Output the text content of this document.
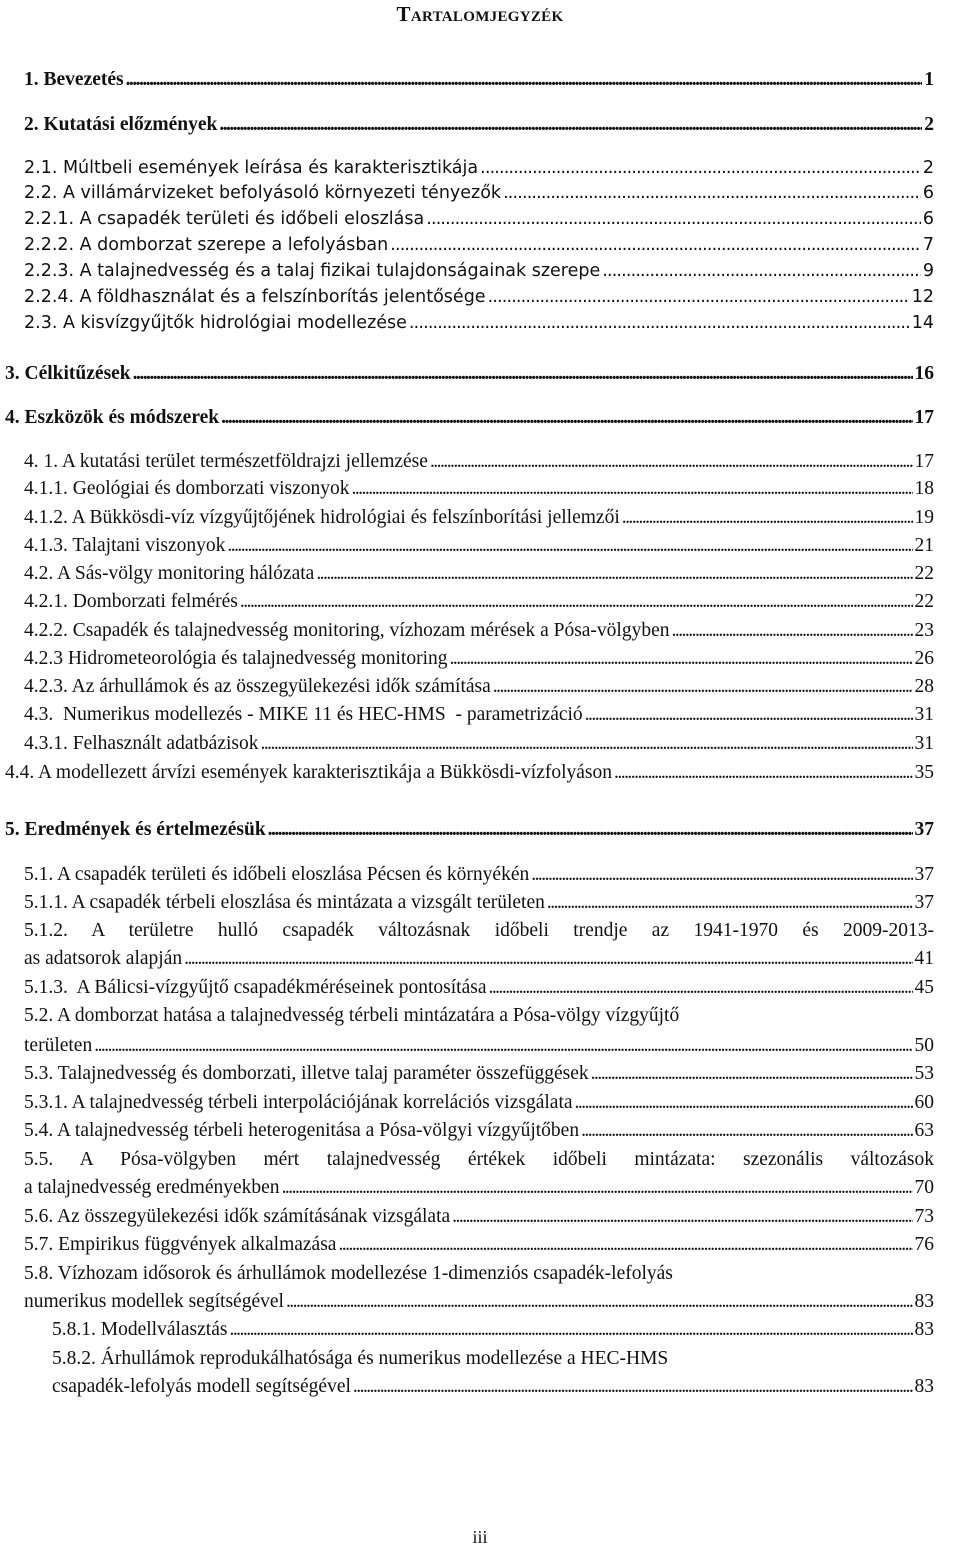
Tartalomjegyzék
1. Bevezetés . . .	1
2. Kutatási előzmények . . .	2
2.1. Múltbeli események leírása és karakterisztikája . . .	2
2.2. A villámárvizeket befolyásoló környezeti tényezők . . .	6
2.2.1. A csapadék területi és időbeli eloszlása . . .	6
2.2.2. A domborzat szerepe a lefolyásban . . .	7
2.2.3. A talajnedvesség és a talaj fizikai tulajdonságainak szerepe . . .	9
2.2.4. A földhasználat és a felszínborítás jelentősége . . .	12
2.3. A kisvízgyűjtők hidrológiai modellezése . . .	14
3. Célkitűzések . . .	16
4. Eszközök és módszerek . . .	17
4. 1. A kutatási terület természetföldrajzi jellemzése . . .	17
4.1.1. Geológiai és domborzati viszonyok . . .	18
4.1.2. A Bükkösdi-víz vízgyűjtőjének hidrológiai és felszínborítási jellemzői . . .	19
4.1.3. Talajtani viszonyok . . .	21
4.2. A Sás-völgy monitoring hálózata . . .	22
4.2.1. Domborzati felmérés . . .	22
4.2.2. Csapadék és talajnedvesség monitoring, vízhozam mérések a Pósa-völgyben . . .	23
4.2.3 Hidrometeorológia és talajnedvesség monitoring . . .	26
4.2.3. Az árhullámok és az összegyülekezési idők számítása . . .	28
4.3.  Numerikus modellezés - MIKE 11 és HEC-HMS  - parametrizáció . . .	31
4.3.1. Felhasznált adatbázisok . . .	31
4.4. A modellezett árvízi események karakterisztikája a Bükkösdi-vízfolyáson . . .	35
5. Eredmények és értelmezésük . . .	37
5.1. A csapadék területi és időbeli eloszlása Pécsen és környékén . . .	37
5.1.1. A csapadék térbeli eloszlása és mintázata a vizsgált területen . . .	37
5.1.2. A területre hulló csapadék változásnak időbeli trendje az 1941-1970 és 2009-2013-
as adatsorok alapján . . .	41
5.1.3.  A Bálicsi-vízgyűjtő csapadékméréseinek pontosítása . . .	45
5.2. A domborzat hatása a talajnedvesség térbeli mintázatára a Pósa-völgy vízgyűjtő
területen . . .	50
5.3. Talajnedvesség és domborzati, illetve talaj paraméter összefüggések . . .	53
5.3.1. A talajnedvesség térbeli interpolációjának korrelációs vizsgálata . . .	60
5.4. A talajnedvesség térbeli heterogenitása a Pósa-völgyi vízgyűjtőben . . .	63
5.5. A Pósa-völgyben mért talajnedvesség értékek időbeli mintázata: szezonális változások
a talajnedvesség eredményekben . . .	70
5.6. Az összegyülekezési idők számításának vizsgálata . . .	73
5.7. Empirikus függvények alkalmazása . . .	76
5.8. Vízhozam idősorok és árhullámok modellezése 1-dimenziós csapadék-lefolyás
numerikus modellek segítségével . . .	83
5.8.1. Modellválasztás . . .	83
5.8.2. Árhullámok reprodukálhatósága és numerikus modellezése a HEC-HMS
csapadék-lefolyás modell segítségével . . .	83
iii
